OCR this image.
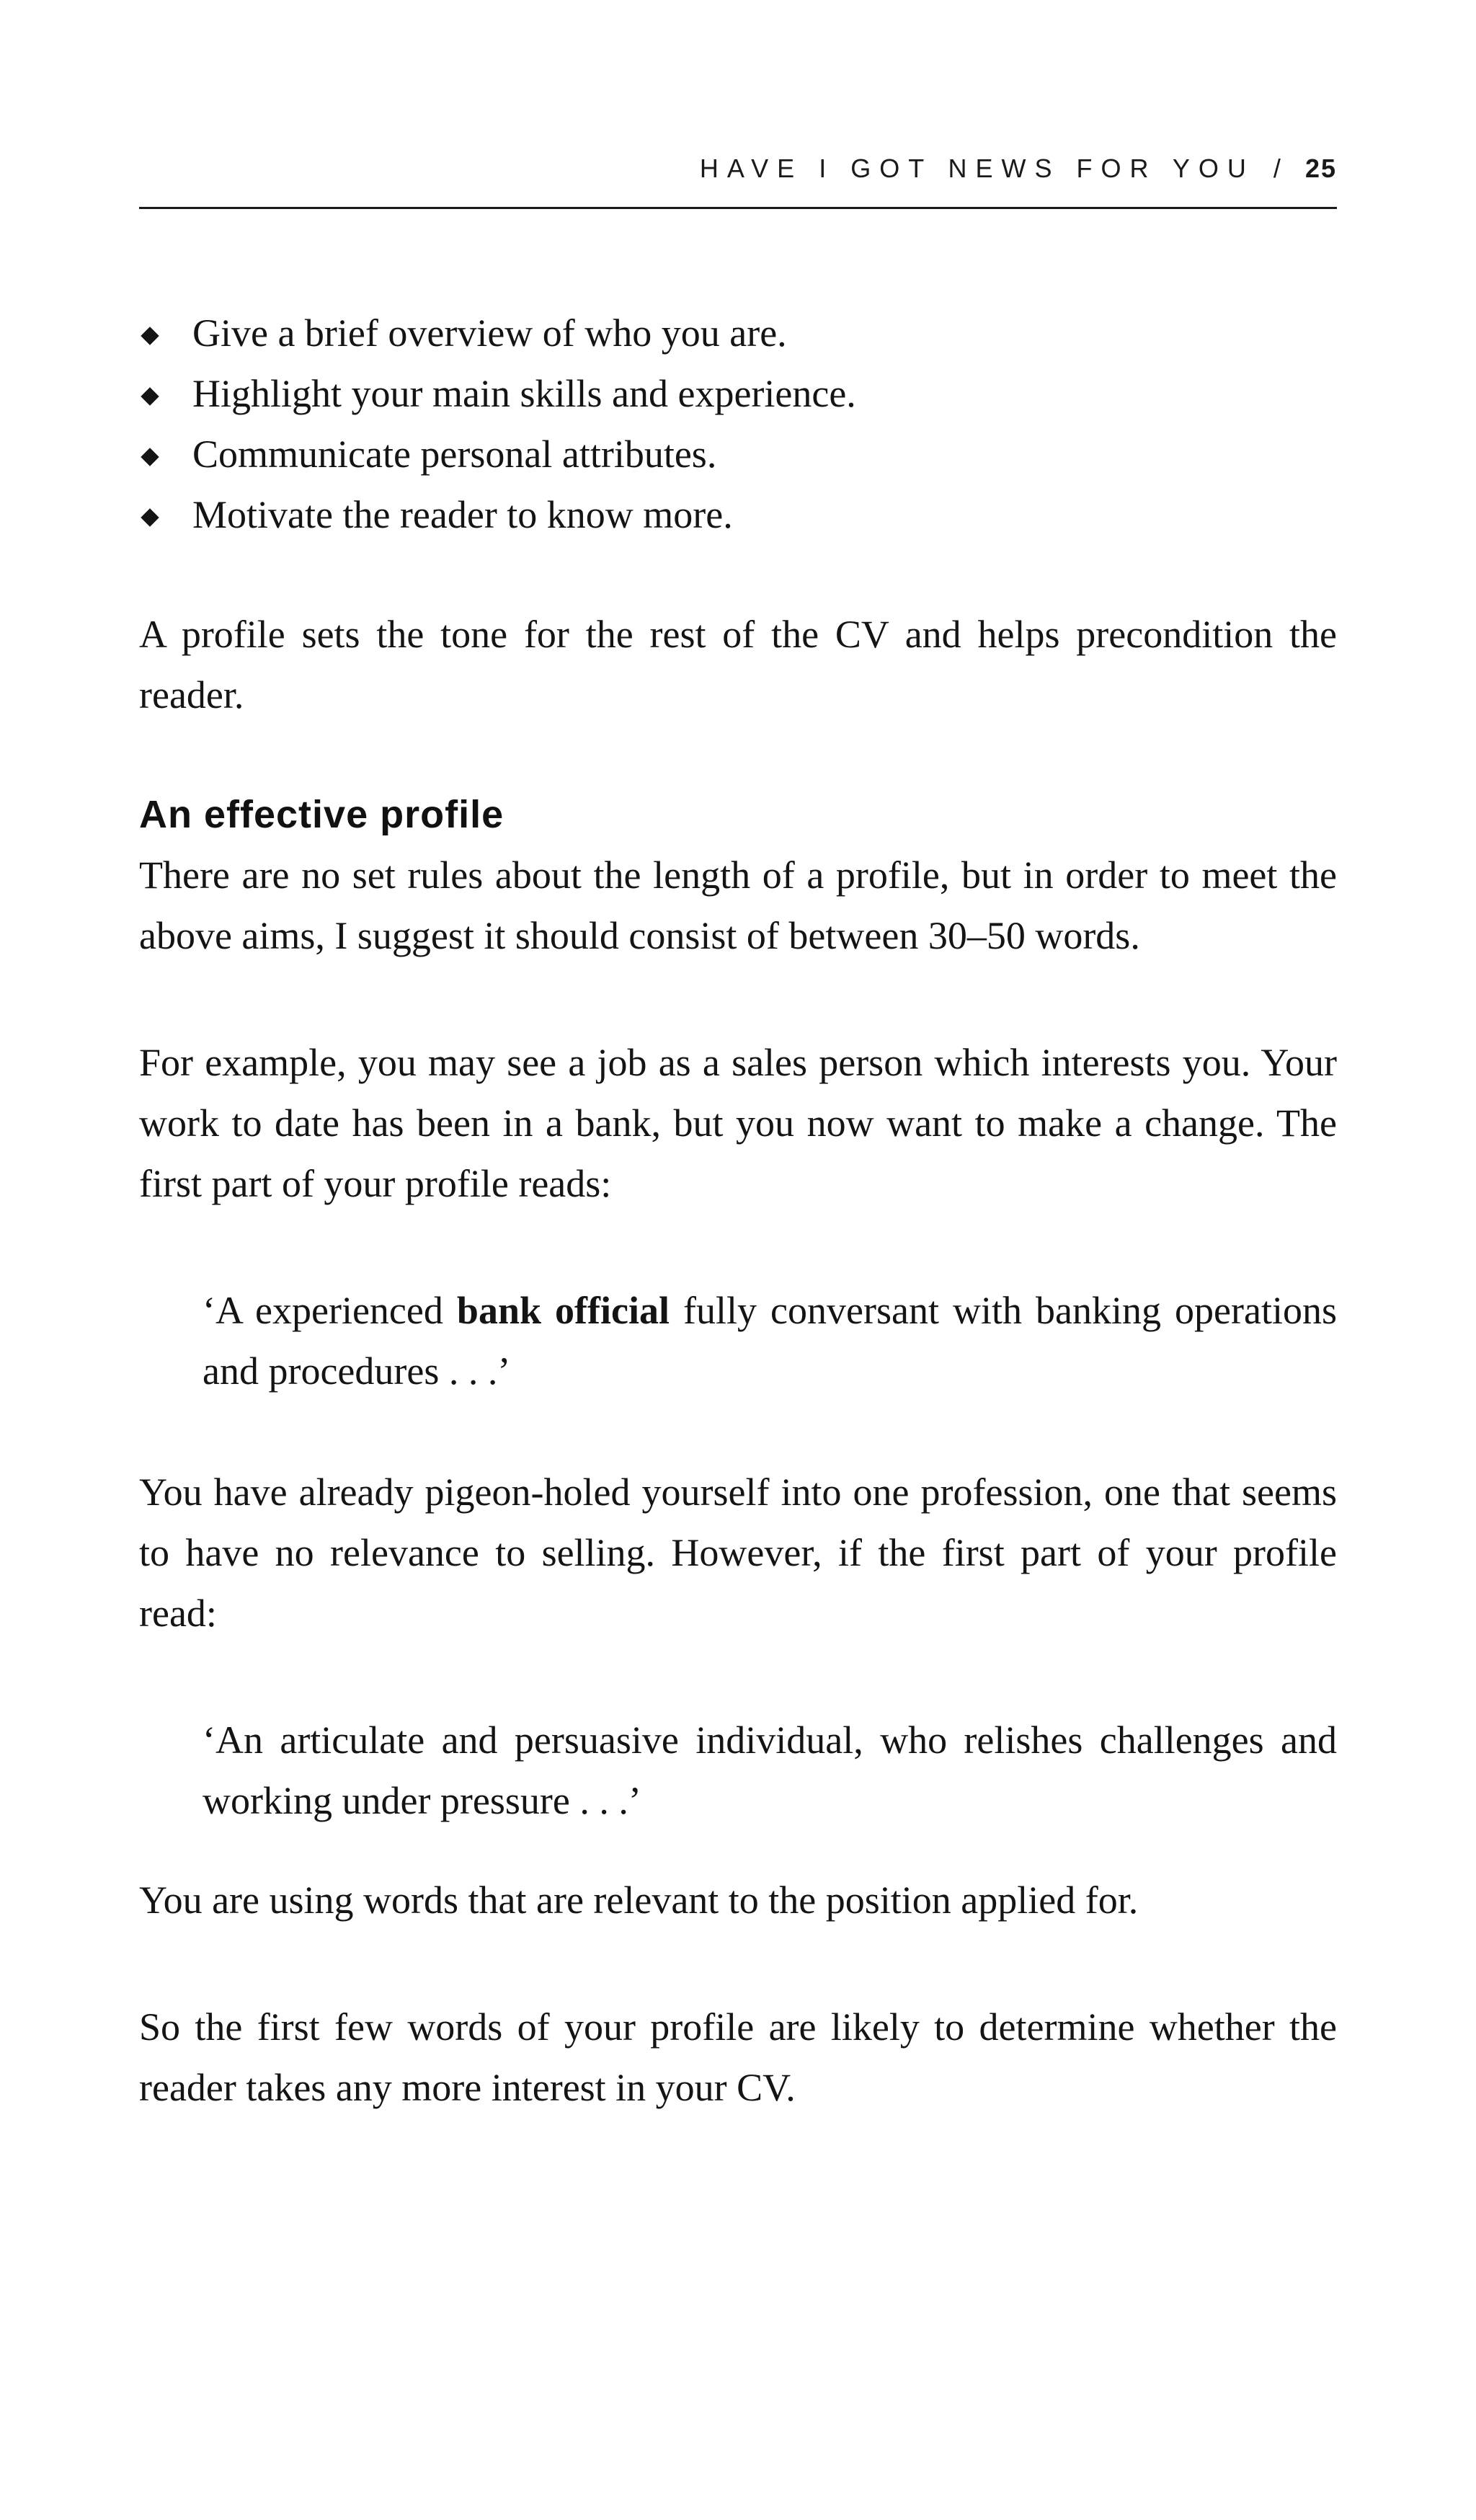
HAVE I GOT NEWS FOR YOU / 25
Give a brief overview of who you are.
Highlight your main skills and experience.
Communicate personal attributes.
Motivate the reader to know more.

A profile sets the tone for the rest of the CV and helps precondition the reader.

An effective profile

There are no set rules about the length of a profile, but in order to meet the above aims, I suggest it should consist of between 30–50 words.

For example, you may see a job as a sales person which interests you. Your work to date has been in a bank, but you now want to make a change. The first part of your profile reads:

‘A experienced bank official fully conversant with banking operations and procedures . . .’

You have already pigeon-holed yourself into one profession, one that seems to have no relevance to selling. However, if the first part of your profile read:

‘An articulate and persuasive individual, who relishes challenges and working under pressure . . .’

You are using words that are relevant to the position applied for.

So the first few words of your profile are likely to determine whether the reader takes any more interest in your CV.
